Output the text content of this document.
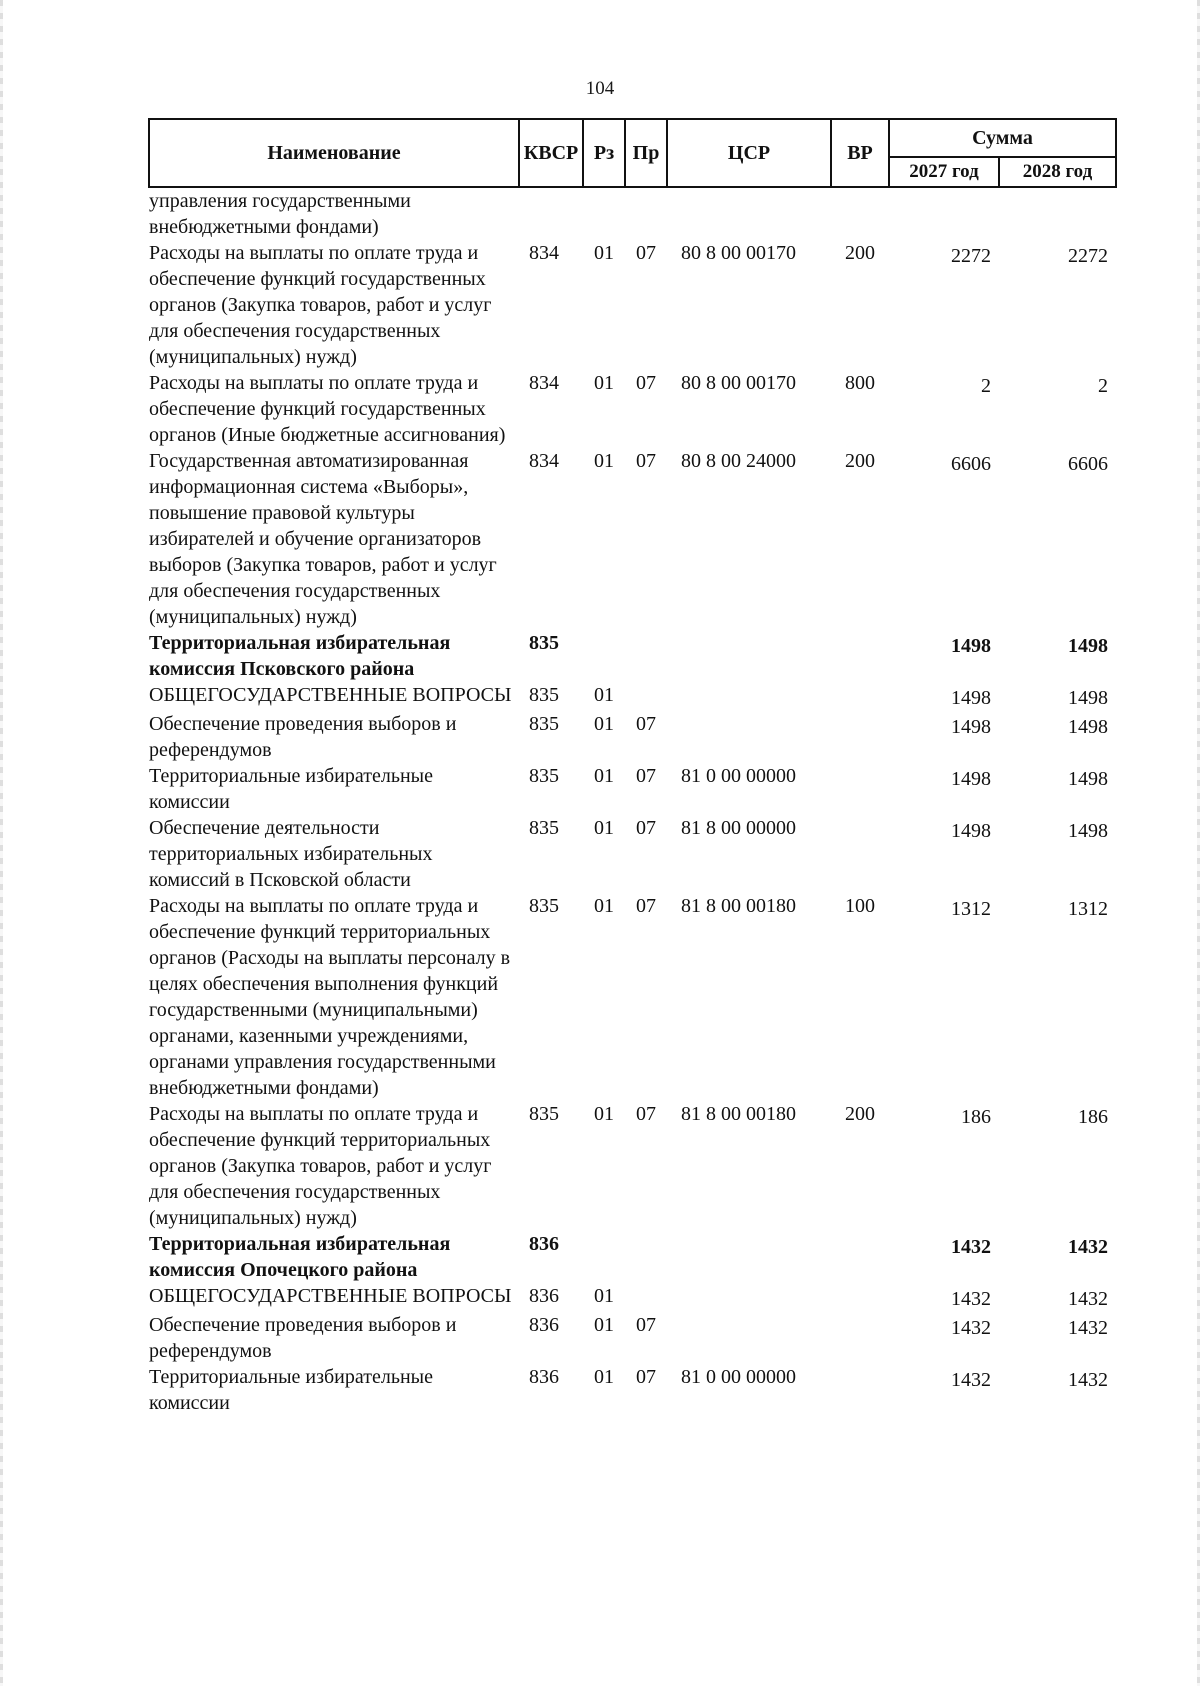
104
Наименование	КВСР	Рз	Пр	ЦСР	ВР	Сумма	
						2027 год	2028 год
управления государственными внебюджетными фондами)							
Расходы на выплаты по оплате труда и обеспечение функций государственных органов (Закупка товаров, работ и услуг для обеспечения государственных (муниципальных) нужд)	834	01	07	80 8 00 00170	200	2272	2272
Расходы на выплаты по оплате труда и обеспечение функций государственных органов (Иные бюджетные ассигнования)	834	01	07	80 8 00 00170	800	2	2
Государственная автоматизированная информационная система «Выборы», повышение правовой культуры избирателей и обучение организаторов выборов (Закупка товаров, работ и услуг для обеспечения государственных (муниципальных) нужд)	834	01	07	80 8 00 24000	200	6606	6606
Территориальная избирательная комиссия Псковского района	835					1498	1498
ОБЩЕГОСУДАРСТВЕННЫЕ ВОПРОСЫ	835	01				1498	1498
Обеспечение проведения выборов и референдумов	835	01	07			1498	1498
Территориальные избирательные комиссии	835	01	07	81 0 00 00000		1498	1498
Обеспечение деятельности территориальных избирательных комиссий в Псковской области	835	01	07	81 8 00 00000		1498	1498
Расходы на выплаты по оплате труда и обеспечение функций территориальных органов (Расходы на выплаты персоналу в целях обеспечения выполнения функций государственными (муниципальными) органами, казенными учреждениями, органами управления государственными внебюджетными фондами)	835	01	07	81 8 00 00180	100	1312	1312
Расходы на выплаты по оплате труда и обеспечение функций территориальных органов (Закупка товаров, работ и услуг для обеспечения государственных (муниципальных) нужд)	835	01	07	81 8 00 00180	200	186	186
Территориальная избирательная комиссия Опочецкого района	836					1432	1432
ОБЩЕГОСУДАРСТВЕННЫЕ ВОПРОСЫ	836	01				1432	1432
Обеспечение проведения выборов и референдумов	836	01	07			1432	1432
Территориальные избирательные комиссии	836	01	07	81 0 00 00000		1432	1432
